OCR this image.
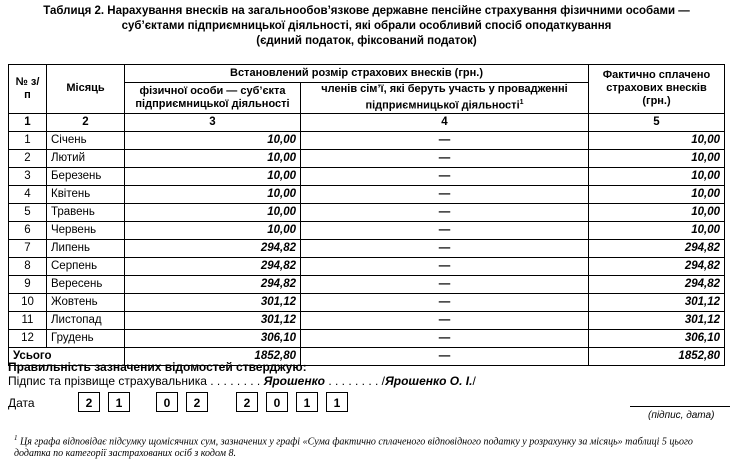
Таблиця 2. Нарахування внесків на загальнообов’язкове державне пенсійне страхування фізичними особами —
суб’єктами підприємницької діяльності, які обрали особливий спосіб оподаткування
(єдиний податок, фіксований податок)
№ з/п	Місяць	Встановлений розмір страхових внесків (грн.)		Фактично сплачено страхових внесків (грн.)
		фізичної особи — суб’єкта підприємницької діяльності	членів сім’ї, які беруть участь у провадженні підприємницької діяльності$^1$
1	2	3	4	5
1	Січень	10,00	—	10,00
2	Лютий	10,00	—	10,00
3	Березень	10,00	—	10,00
4	Квітень	10,00	—	10,00
5	Травень	10,00	—	10,00
6	Червень	10,00	—	10,00
7	Липень	294,82	—	294,82
8	Серпень	294,82	—	294,82
9	Вересень	294,82	—	294,82
10	Жовтень	301,12	—	301,12
11	Листопад	301,12	—	301,12
12	Грудень	306,10	—	306,10
Усього		1852,80	—	1852,80
Правильність зазначених відомостей стверджую:
Підпис та прізвище страхувальника . . . . . . . . Ярошенко . . . . . . . . /Ярошенко О. І./
Дата	2	1	0	2	2	0	1	1
(підпис, дата)
$^1$ Ця графа відповідає підсумку щомісячних сум, зазначених у графі «Сума фактично сплаченого відповідного податку у розрахунку за місяць» таблиці 5 цього додатка по категорії застрахованих осіб з кодом 8.
